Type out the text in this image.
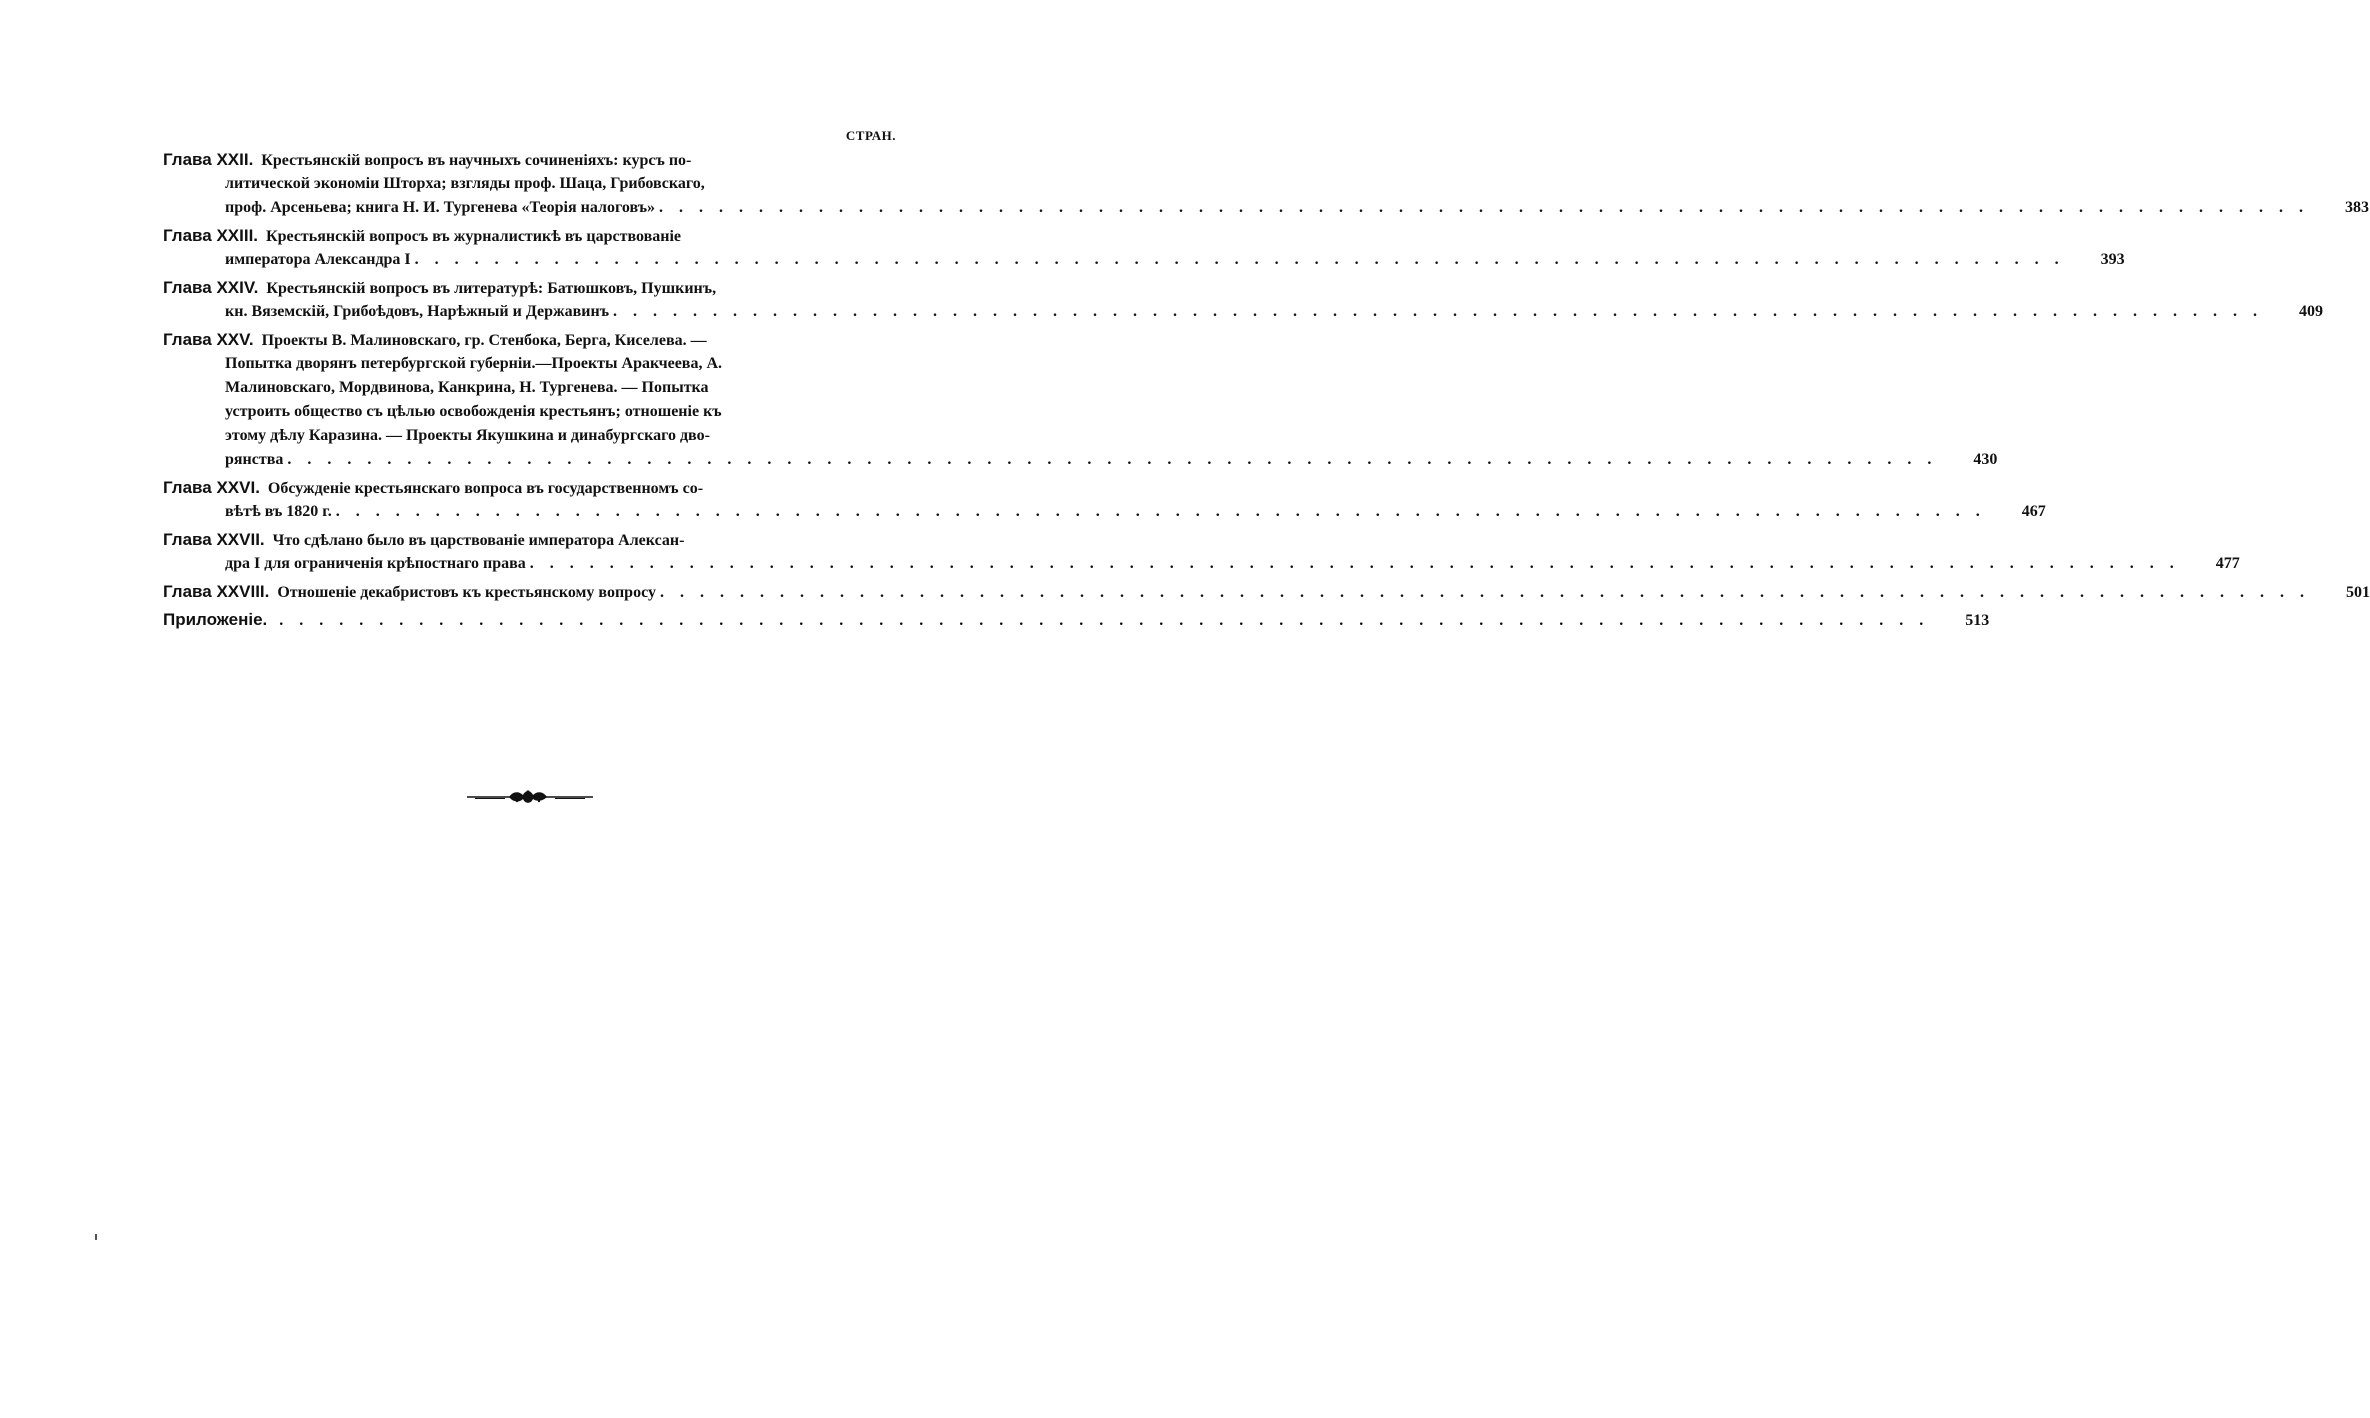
СТРАН.
Глава XXII. Крестьянскій вопросъ въ научныхъ сочиненіяхъ: курсъ по-
литической экономіи Шторха; взгляды проф. Шаца, Грибовскаго,
проф. Арсеньева; книга Н. И. Тургенева «Теорія налоговъ» . . .	383
Глава XXIII. Крестьянскій вопросъ въ журналистикѣ въ царствованіе
императора Александра I . . .	393
Глава XXIV. Крестьянскій вопросъ въ литературѣ: Батюшковъ, Пушкинъ,
кн. Вяземскій, Грибоѣдовъ, Нарѣжный и Державинъ . . .	409
Глава XXV. Проекты В. Малиновскаго, гр. Стенбока, Берга, Киселева. —
Попытка дворянъ петербургской губерніи.—Проекты Аракчеева, А.
Малиновскаго, Мордвинова, Канкрина, Н. Тургенева. — Попытка
устроить общество съ цѣлью освобожденія крестьянъ; отношеніе къ
этому дѣлу Каразина. — Проекты Якушкина и динабургскаго дво-
рянства . . .	430
Глава XXVI. Обсужденіе крестьянскаго вопроса въ государственномъ со-
вѣтѣ въ 1820 г. . . .	467
Глава XXVII. Что сдѣлано было въ царствованіе императора Алексан-
дра I для ограниченія крѣпостнаго права . . .	477
Глава XXVIII. Отношеніе декабристовъ къ крестьянскому вопросу . . .	501
Приложеніе. . . .	513
